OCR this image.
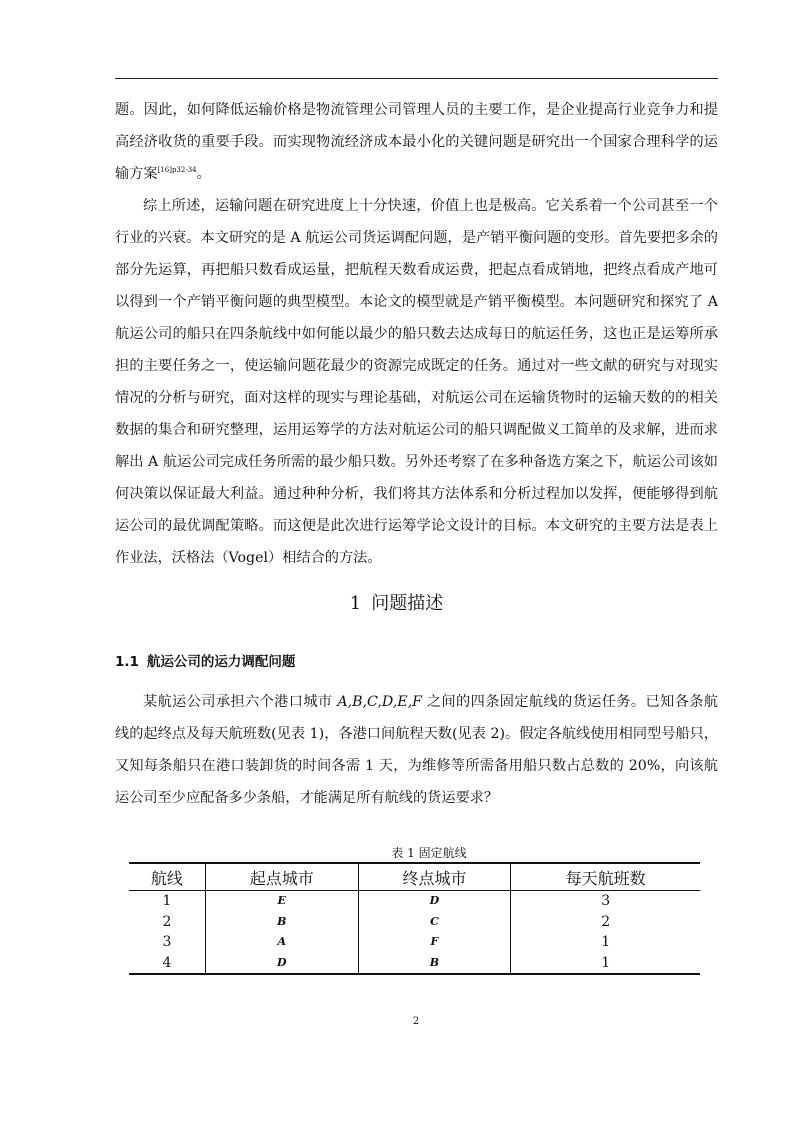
题。因此，如何降低运输价格是物流管理公司管理人员的主要工作，是企业提高行业竞争力和提高经济收货的重要手段。而实现物流经济成本最小化的关键问题是研究出一个国家合理科学的运输方案$^{[16]p32-34}$。

综上所述，运输问题在研究进度上十分快速，价值上也是极高。它关系着一个公司甚至一个行业的兴衰。本文研究的是 A 航运公司货运调配问题，是产销平衡问题的变形。首先要把多余的部分先运算，再把船只数看成运量，把航程天数看成运费，把起点看成销地，把终点看成产地可以得到一个产销平衡问题的典型模型。本论文的模型就是产销平衡模型。本问题研究和探究了 A 航运公司的船只在四条航线中如何能以最少的船只数去达成每日的航运任务，这也正是运筹所承担的主要任务之一，使运输问题花最少的资源完成既定的任务。通过对一些文献的研究与对现实情况的分析与研究，面对这样的现实与理论基础，对航运公司在运输货物时的运输天数的的相关数据的集合和研究整理，运用运筹学的方法对航运公司的船只调配做义工简单的及求解，进而求解出 A 航运公司完成任务所需的最少船只数。另外还考察了在多种备选方案之下，航运公司该如何决策以保证最大利益。通过种种分析，我们将其方法体系和分析过程加以发挥，便能够得到航运公司的最优调配策略。而这便是此次进行运筹学论文设计的目标。本文研究的主要方法是表上作业法，沃格法（Vogel）相结合的方法。

1 问题描述
1.1 航运公司的运力调配问题

某航运公司承担六个港口城市 A,B,C,D,E,F 之间的四条固定航线的货运任务。已知各条航线的起终点及每天航班数(见表 1)，各港口间航程天数(见表 2)。假定各航线使用相同型号船只，又知每条船只在港口装卸货的时间各需 1 天，为维修等所需备用船只数占总数的 20%，向该航运公司至少应配备多少条船，才能满足所有航线的货运要求？

表 1 固定航线
航线	起点城市	终点城市	每天航班数
1	E	D	3
2	B	C	2
3	A	F	1
4	D	B	1
2
